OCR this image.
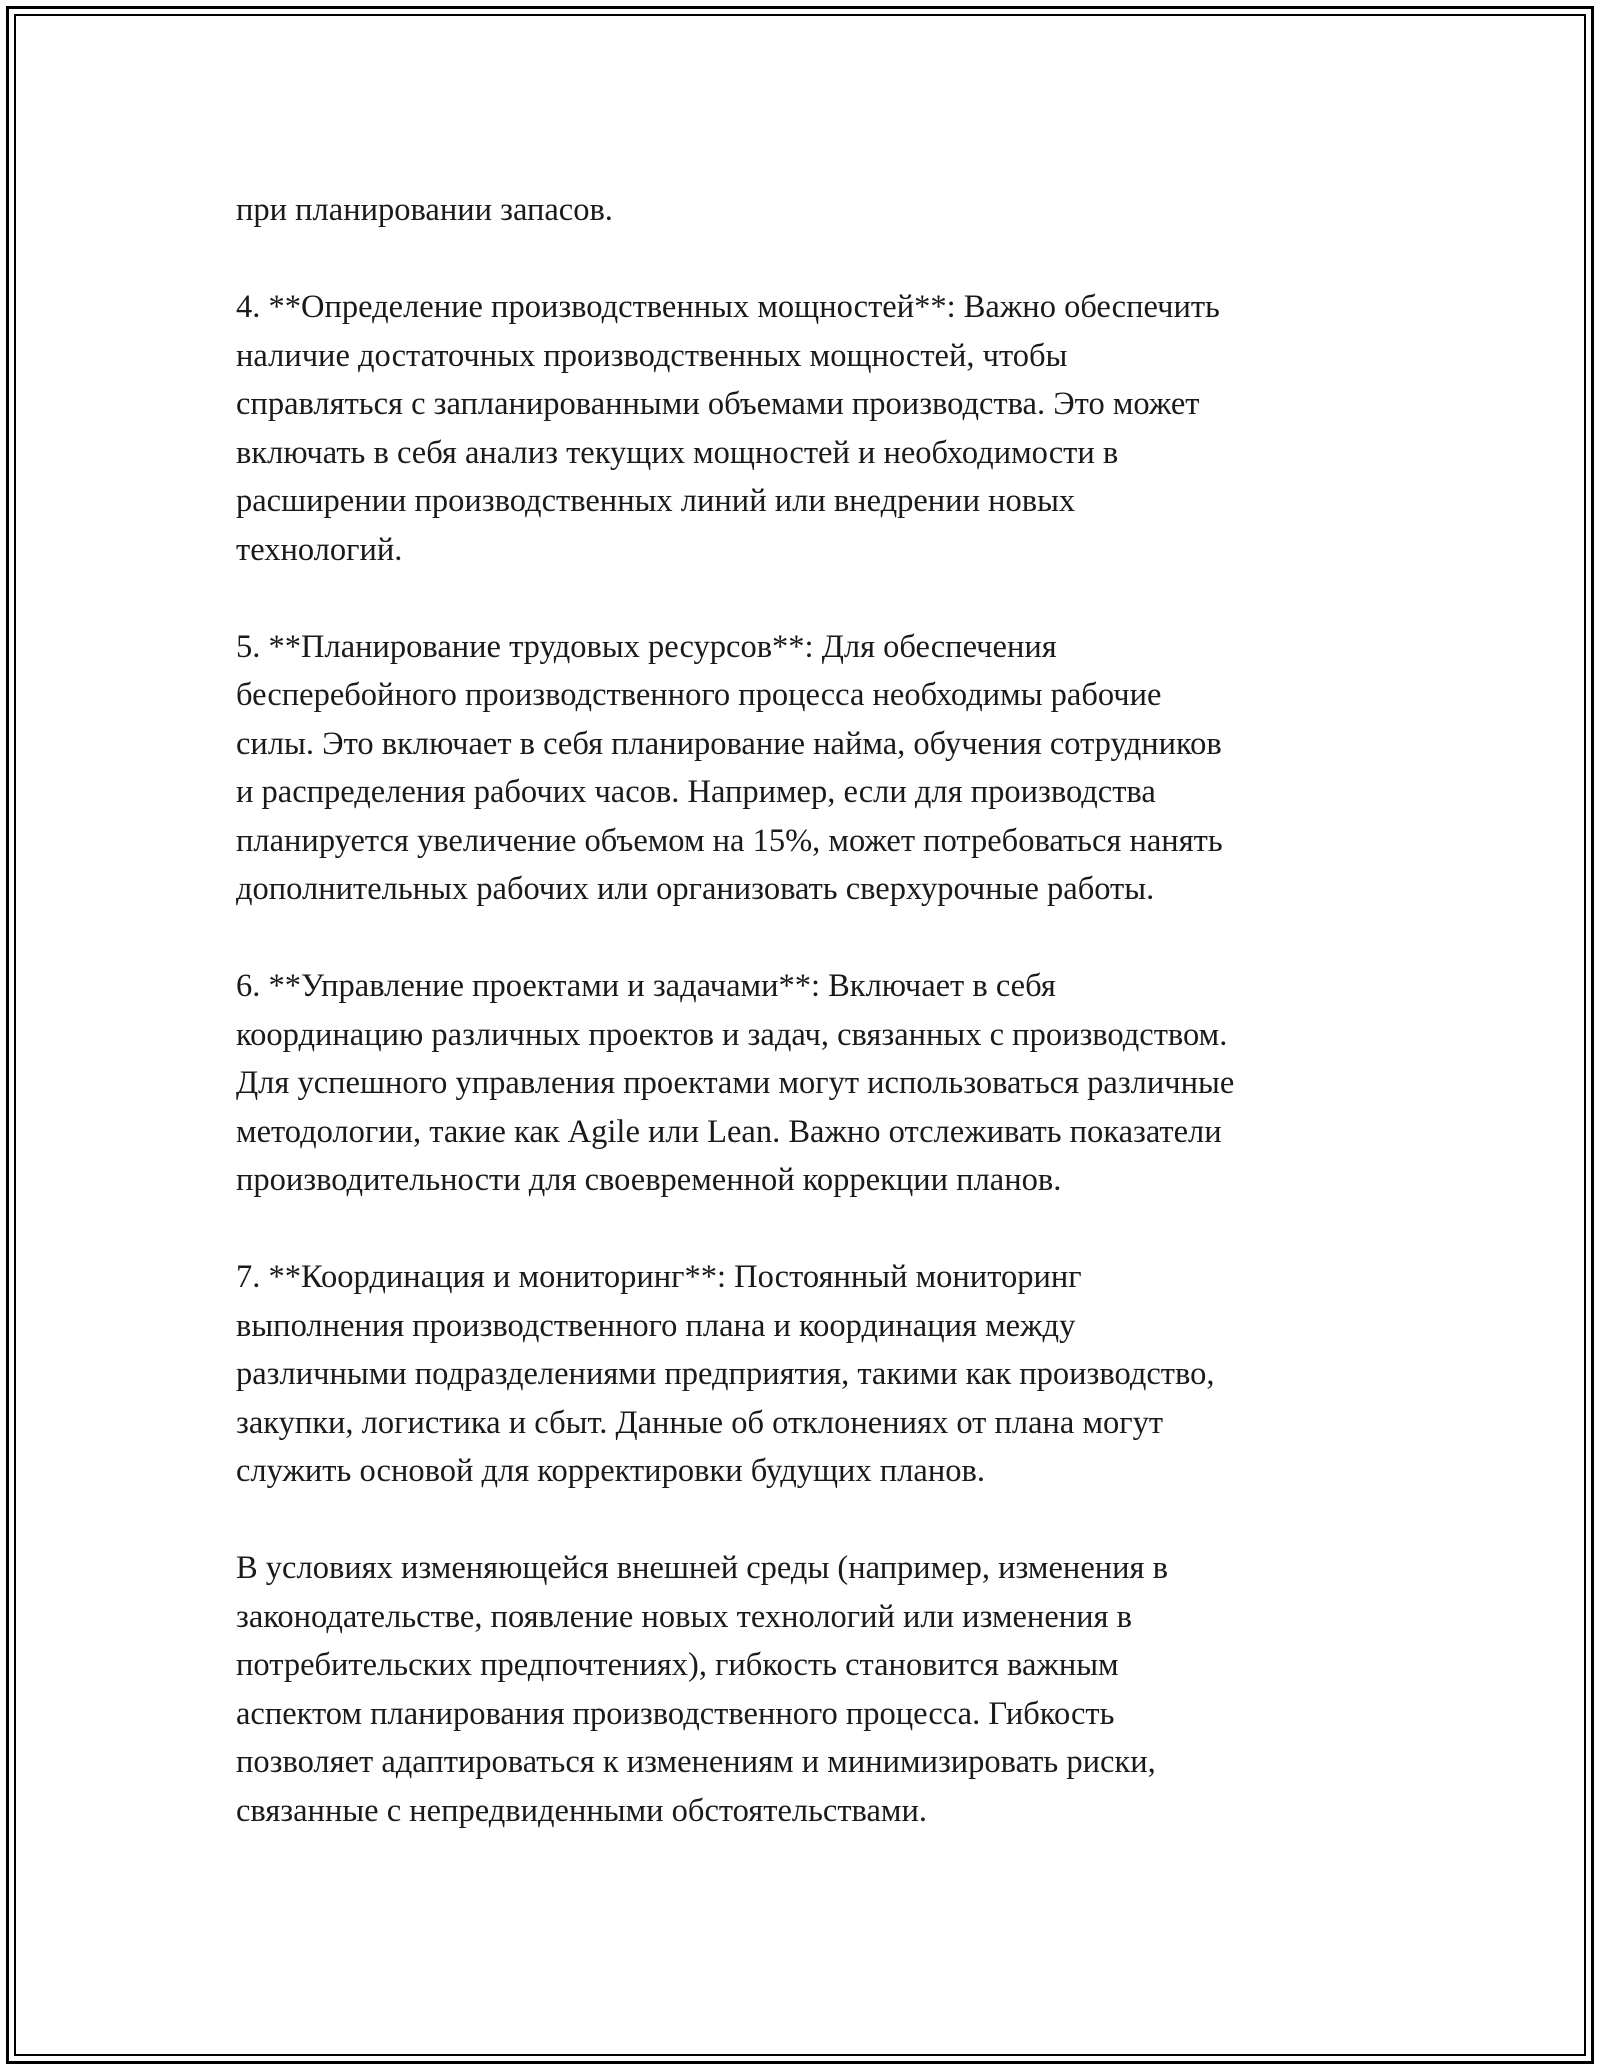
при планировании запасов.

4. **Определение производственных мощностей**: Важно обеспечить
наличие достаточных производственных мощностей, чтобы
справляться с запланированными объемами производства. Это может
включать в себя анализ текущих мощностей и необходимости в
расширении производственных линий или внедрении новых
технологий.

5. **Планирование трудовых ресурсов**: Для обеспечения
бесперебойного производственного процесса необходимы рабочие
силы. Это включает в себя планирование найма, обучения сотрудников
и распределения рабочих часов. Например, если для производства
планируется увеличение объемом на 15%, может потребоваться нанять
дополнительных рабочих или организовать сверхурочные работы.

6. **Управление проектами и задачами**: Включает в себя
координацию различных проектов и задач, связанных с производством.
Для успешного управления проектами могут использоваться различные
методологии, такие как Agile или Lean. Важно отслеживать показатели
производительности для своевременной коррекции планов.

7. **Координация и мониторинг**: Постоянный мониторинг
выполнения производственного плана и координация между
различными подразделениями предприятия, такими как производство,
закупки, логистика и сбыт. Данные об отклонениях от плана могут
служить основой для корректировки будущих планов.

В условиях изменяющейся внешней среды (например, изменения в
законодательстве, появление новых технологий или изменения в
потребительских предпочтениях), гибкость становится важным
аспектом планирования производственного процесса. Гибкость
позволяет адаптироваться к изменениям и минимизировать риски,
связанные с непредвиденными обстоятельствами.
